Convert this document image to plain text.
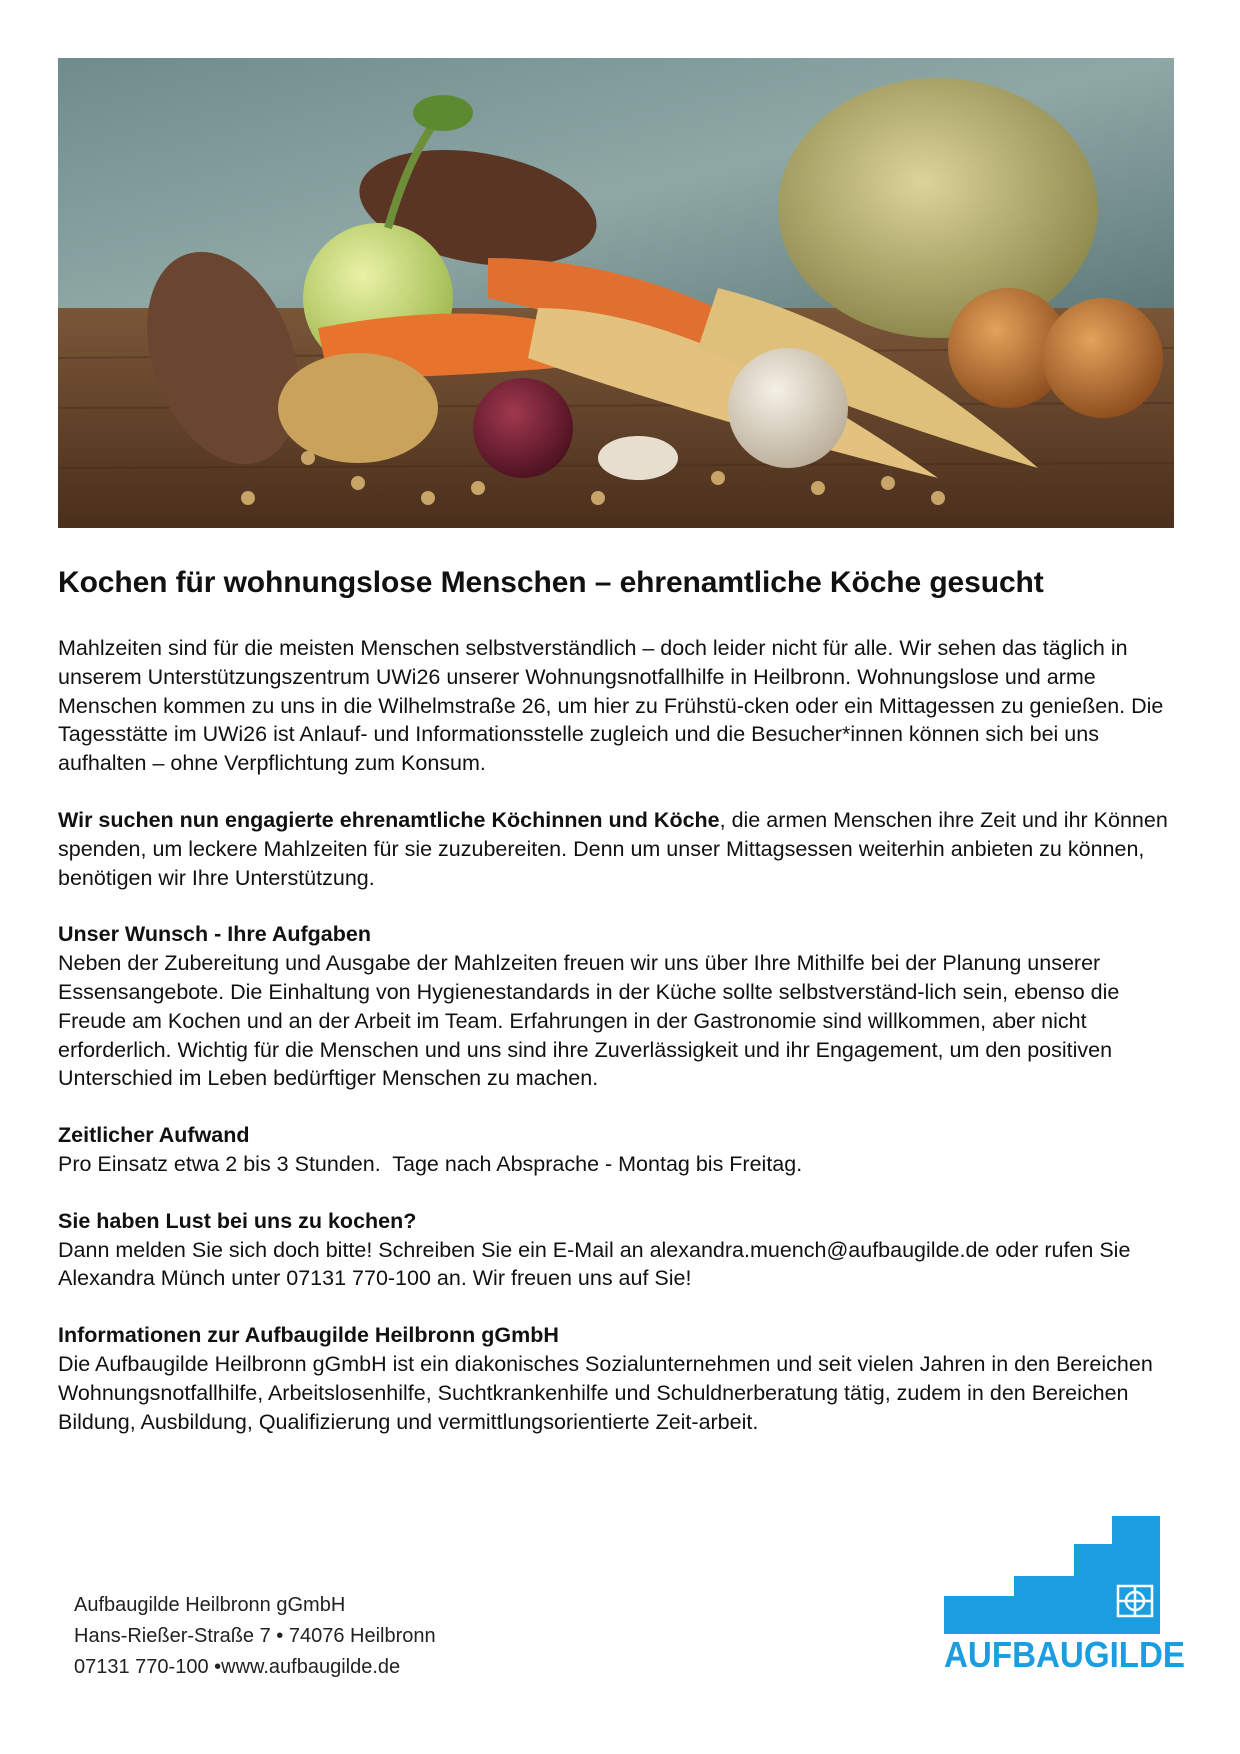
Kochen für wohnungslose Menschen – ehrenamtliche Köche gesucht

Mahlzeiten sind für die meisten Menschen selbstverständlich – doch leider nicht für alle. Wir sehen das täglich in unserem Unterstützungszentrum UWi26 unserer Wohnungsnotfallhilfe in Heilbronn. Wohnungslose und arme Menschen kommen zu uns in die Wilhelmstraße 26, um hier zu Frühstü-cken oder ein Mittagessen zu genießen. Die Tagesstätte im UWi26 ist Anlauf- und Informationsstelle zugleich und die Besucher*innen können sich bei uns aufhalten – ohne Verpflichtung zum Konsum.

Wir suchen nun engagierte ehrenamtliche Köchinnen und Köche, die armen Menschen ihre Zeit und ihr Können spenden, um leckere Mahlzeiten für sie zuzubereiten. Denn um unser Mittagsessen weiterhin anbieten zu können, benötigen wir Ihre Unterstützung.

Unser Wunsch - Ihre Aufgaben
Neben der Zubereitung und Ausgabe der Mahlzeiten freuen wir uns über Ihre Mithilfe bei der Planung unserer Essensangebote. Die Einhaltung von Hygienestandards in der Küche sollte selbstverständ-lich sein, ebenso die Freude am Kochen und an der Arbeit im Team. Erfahrungen in der Gastronomie sind willkommen, aber nicht erforderlich. Wichtig für die Menschen und uns sind ihre Zuverlässigkeit und ihr Engagement, um den positiven Unterschied im Leben bedürftiger Menschen zu machen.

Zeitlicher Aufwand
Pro Einsatz etwa 2 bis 3 Stunden.  Tage nach Absprache - Montag bis Freitag.

Sie haben Lust bei uns zu kochen?
Dann melden Sie sich doch bitte! Schreiben Sie ein E-Mail an alexandra.muench@aufbaugilde.de oder rufen Sie Alexandra Münch unter 07131 770-100 an. Wir freuen uns auf Sie!

Informationen zur Aufbaugilde Heilbronn gGmbH
Die Aufbaugilde Heilbronn gGmbH ist ein diakonisches Sozialunternehmen und seit vielen Jahren in den Bereichen Wohnungsnotfallhilfe, Arbeitslosenhilfe, Suchtkrankenhilfe und Schuldnerberatung tätig, zudem in den Bereichen Bildung, Ausbildung, Qualifizierung und vermittlungsorientierte Zeit-arbeit.

Aufbaugilde Heilbronn gGmbH
Hans-Rießer-Straße 7 • 74076 Heilbronn
07131 770-100 •www.aufbaugilde.de	AUFBAUGILDE
